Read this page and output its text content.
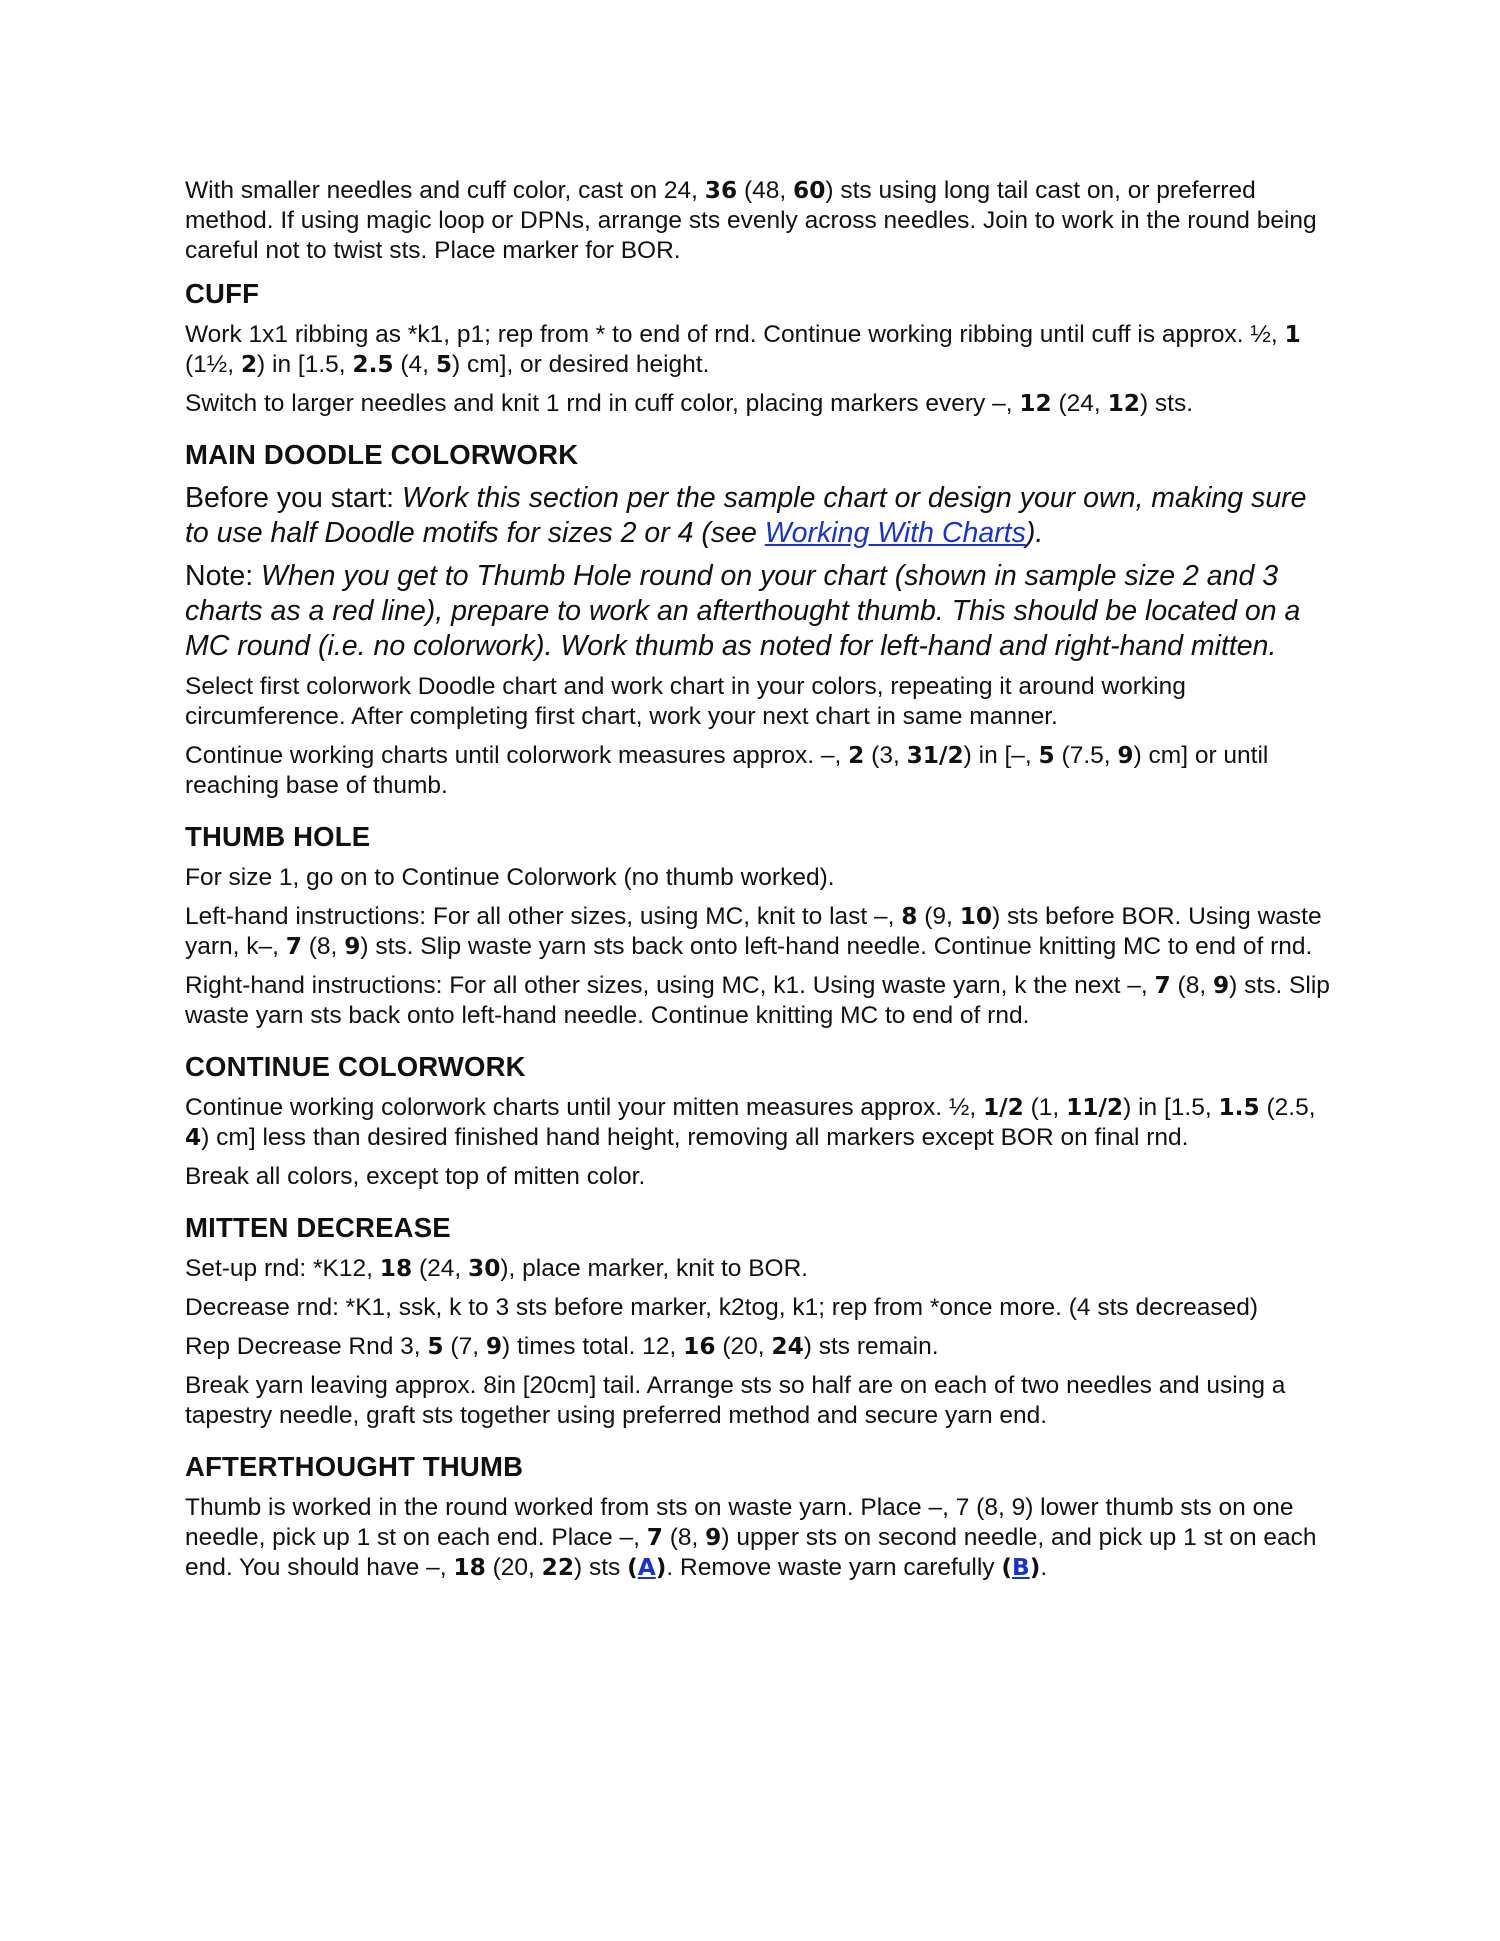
With smaller needles and cuff color, cast on 24, 36 (48, 60) sts using long tail cast on, or preferred method. If using magic loop or DPNs, arrange sts evenly across needles. Join to work in the round being careful not to twist sts. Place marker for BOR.

CUFF

Work 1x1 ribbing as *k1, p1; rep from * to end of rnd. Continue working ribbing until cuff is approx. ½, 1 (1½, 2) in [1.5, 2.5 (4, 5) cm], or desired height.

Switch to larger needles and knit 1 rnd in cuff color, placing markers every –, 12 (24, 12) sts.

MAIN DOODLE COLORWORK

Before you start: Work this section per the sample chart or design your own, making sure to use half Doodle motifs for sizes 2 or 4 (see Working With Charts).

Note: When you get to Thumb Hole round on your chart (shown in sample size 2 and 3 charts as a red line), prepare to work an afterthought thumb. This should be located on a MC round (i.e. no colorwork). Work thumb as noted for left-hand and right-hand mitten.

Select first colorwork Doodle chart and work chart in your colors, repeating it around working circumference. After completing first chart, work your next chart in same manner.

Continue working charts until colorwork measures approx. –, 2 (3, 31/2) in [–, 5 (7.5, 9) cm] or until reaching base of thumb.

THUMB HOLE

For size 1, go on to Continue Colorwork (no thumb worked).

Left-hand instructions: For all other sizes, using MC, knit to last –, 8 (9, 10) sts before BOR. Using waste yarn, k–, 7 (8, 9) sts. Slip waste yarn sts back onto left-hand needle. Continue knitting MC to end of rnd.

Right-hand instructions: For all other sizes, using MC, k1. Using waste yarn, k the next –, 7 (8, 9) sts. Slip waste yarn sts back onto left-hand needle. Continue knitting MC to end of rnd.

CONTINUE COLORWORK

Continue working colorwork charts until your mitten measures approx. ½, 1/2 (1, 11/2) in [1.5, 1.5 (2.5, 4) cm] less than desired finished hand height, removing all markers except BOR on final rnd.

Break all colors, except top of mitten color.

MITTEN DECREASE

Set-up rnd: *K12, 18 (24, 30), place marker, knit to BOR.

Decrease rnd: *K1, ssk, k to 3 sts before marker, k2tog, k1; rep from *once more. (4 sts decreased)

Rep Decrease Rnd 3, 5 (7, 9) times total. 12, 16 (20, 24) sts remain.

Break yarn leaving approx. 8in [20cm] tail. Arrange sts so half are on each of two needles and using a tapestry needle, graft sts together using preferred method and secure yarn end.

AFTERTHOUGHT THUMB

Thumb is worked in the round worked from sts on waste yarn. Place –, 7 (8, 9) lower thumb sts on one needle, pick up 1 st on each end. Place –, 7 (8, 9) upper sts on second needle, and pick up 1 st on each end. You should have –, 18 (20, 22) sts (A). Remove waste yarn carefully (B).
